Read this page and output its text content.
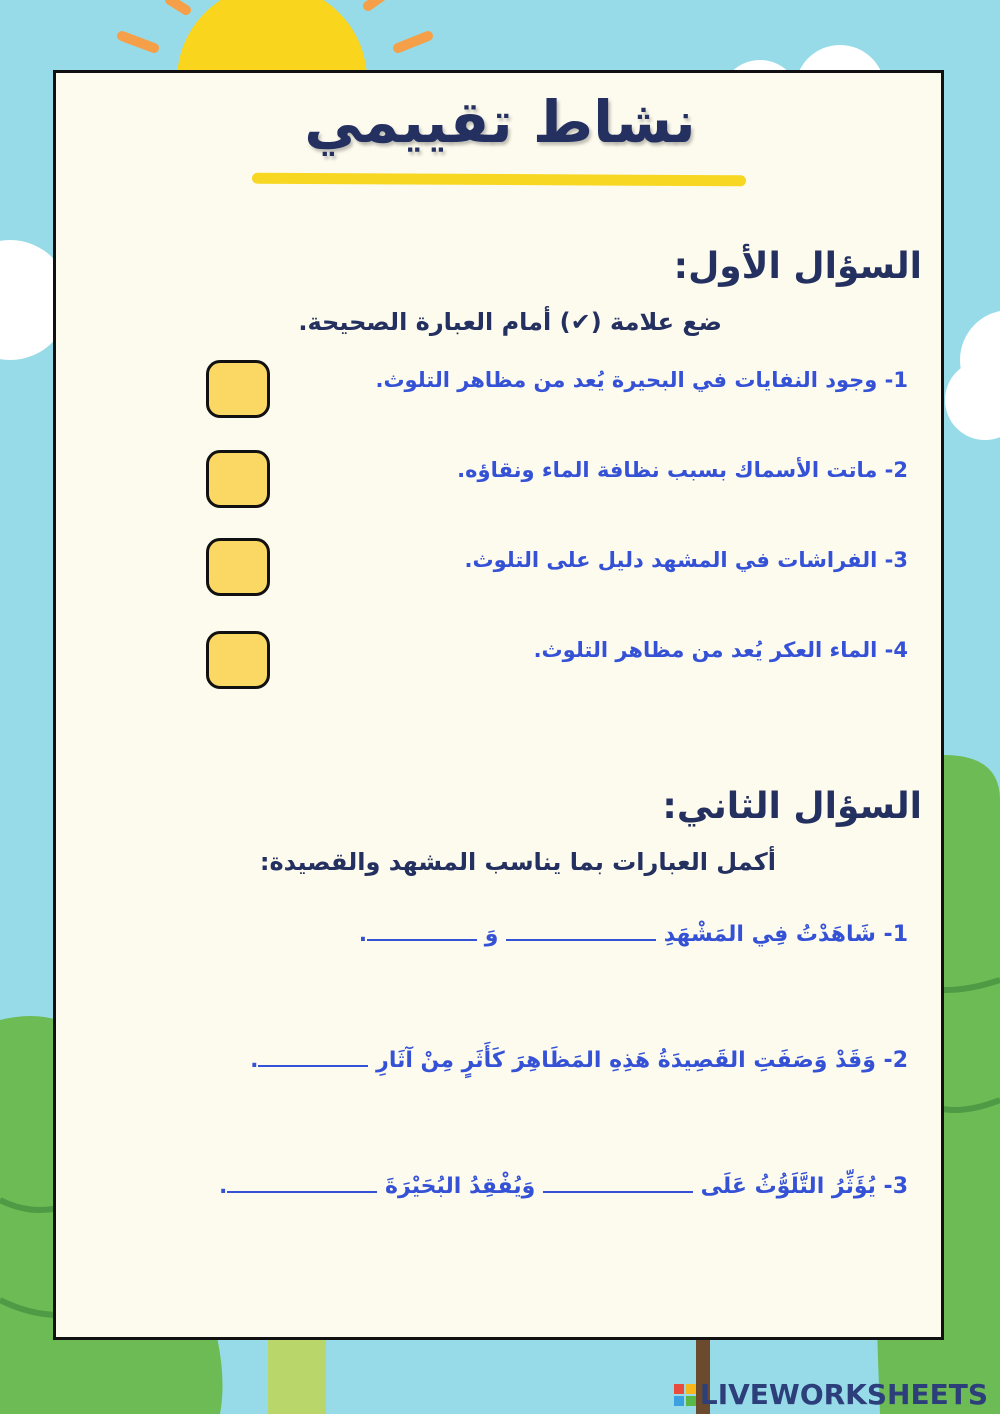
نشاط تقييمي
السؤال الأول:
ضع علامة (✔) أمام العبارة الصحيحة.
1- وجود النفايات في البحيرة يُعد من مظاهر التلوث.
2- ماتت الأسماك بسبب نظافة الماء ونقاؤه.
3- الفراشات في المشهد دليل على التلوث.
4- الماء العكر يُعد من مظاهر التلوث.
السؤال الثاني:
أكمل العبارات بما يناسب المشهد والقصيدة:
1- شَاهَدْتُ فِي المَشْهَدِ  وَ .
2- وَقَدْ وَصَفَتِ القَصِيدَةُ هَذِهِ المَظَاهِرَ كَأَثَرٍ مِنْ آثَارِ .
3- يُؤَثِّرُ التَّلَوُّثُ عَلَى  وَيُفْقِدُ البُحَيْرَةَ .
LIVEWORKSHEETS
